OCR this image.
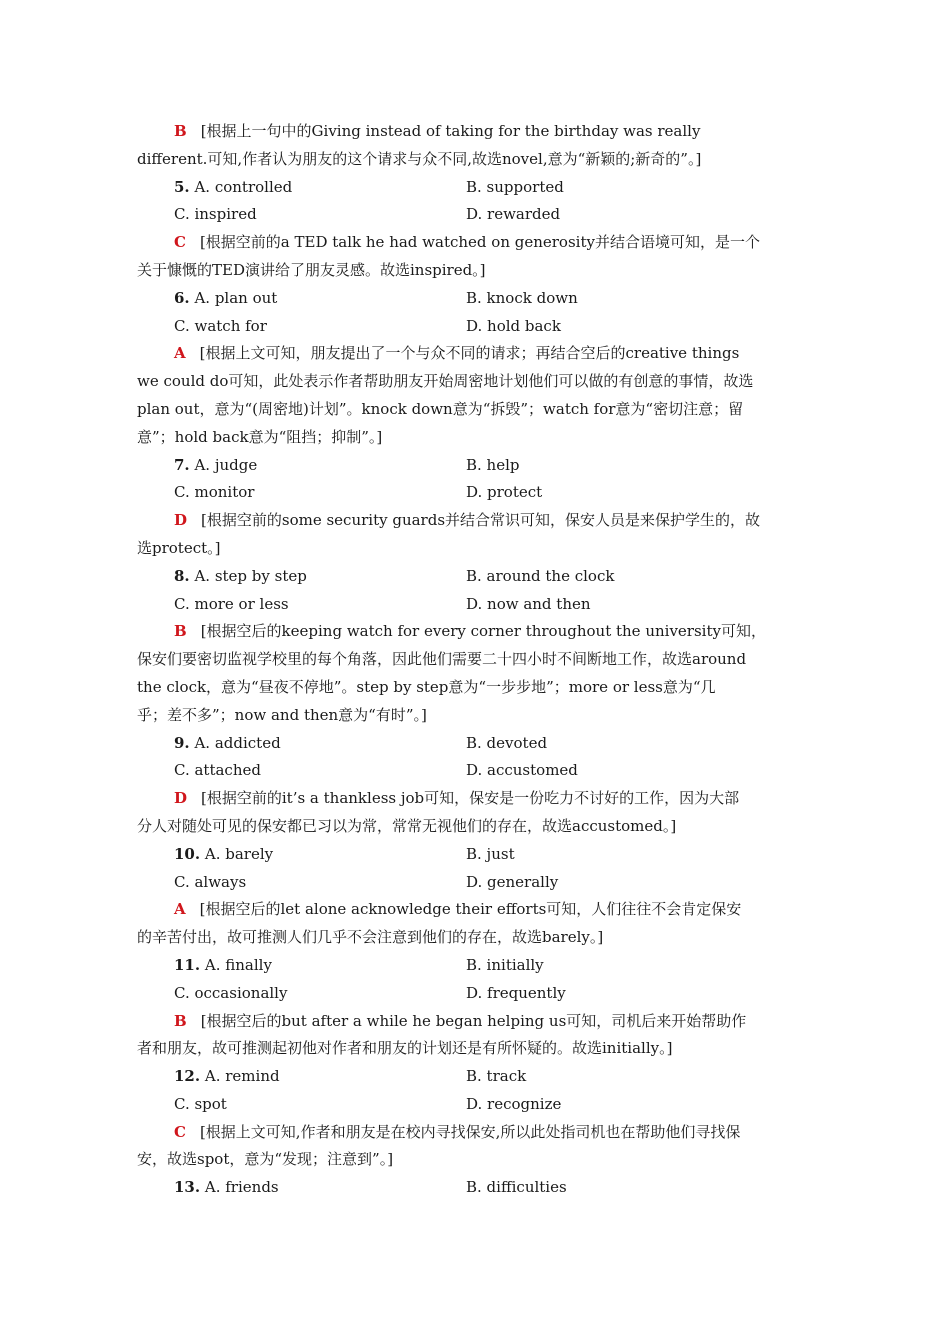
B [根据上一句中的Giving instead of taking for the birthday was really

different.可知,作者认为朋友的这个请求与众不同,故选novel,意为“新颖的;新奇的”。]

5. A. controlled	B. supported
C. inspired	D. rewarded

C [根据空前的a TED talk he had watched on generosity并结合语境可知，是一个

关于慷慨的TED演讲给了朋友灵感。故选inspired。]

6. A. plan out	B. knock down
C. watch for	D. hold back

A [根据上文可知，朋友提出了一个与众不同的请求；再结合空后的creative things

we could do可知，此处表示作者帮助朋友开始周密地计划他们可以做的有创意的事情，故选

plan out，意为“(周密地)计划”。knock down意为“拆毁”；watch for意为“密切注意；留

意”；hold back意为“阻挡；抑制”。]

7. A. judge	B. help
C. monitor	D. protect

D [根据空前的some security guards并结合常识可知，保安人员是来保护学生的，故

选protect。]

8. A. step by step	B. around the clock
C. more or less	D. now and then

B [根据空后的keeping watch for every corner throughout the university可知，

保安们要密切监视学校里的每个角落，因此他们需要二十四小时不间断地工作，故选around

the clock，意为“昼夜不停地”。step by step意为“一步步地”；more or less意为“几

乎；差不多”；now and then意为“有时”。]

9. A. addicted	B. devoted
C. attached	D. accustomed

D [根据空前的it’s a thankless job可知，保安是一份吃力不讨好的工作，因为大部

分人对随处可见的保安都已习以为常，常常无视他们的存在，故选accustomed。]

10. A. barely	B. just
C. always	D. generally

A [根据空后的let alone acknowledge their efforts可知，人们往往不会肯定保安

的辛苦付出，故可推测人们几乎不会注意到他们的存在，故选barely。]

11. A. finally	B. initially
C. occasionally	D. frequently

B [根据空后的but after a while he began helping us可知，司机后来开始帮助作

者和朋友，故可推测起初他对作者和朋友的计划还是有所怀疑的。故选initially。]

12. A. remind	B. track
C. spot	D. recognize

C [根据上文可知,作者和朋友是在校内寻找保安,所以此处指司机也在帮助他们寻找保

安，故选spot，意为“发现；注意到”。]

13. A. friends	B. difficulties
